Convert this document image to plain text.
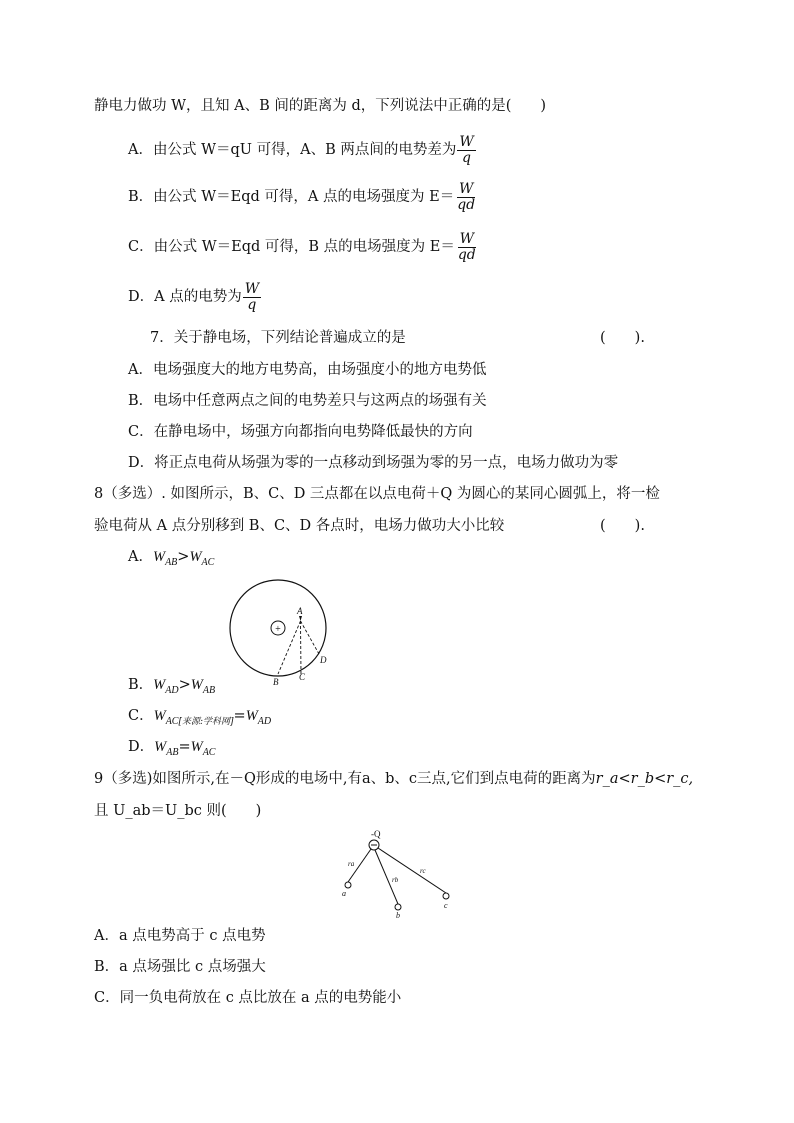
静电力做功 W，且知 A、B 间的距离为 d，下列说法中正确的是(　　)
A．由公式 W＝qU 可得，A、B 两点间的电势差为 $\frac{W}{q}$
B．由公式 W＝Eqd 可得，A 点的电场强度为 $E= \frac{W}{qd}$
C．由公式 W＝Eqd 可得，B 点的电场强度为 $E= \frac{W}{qd}$
D．A 点的电势为 $\frac{W}{q}$
7．关于静电场，下列结论普遍成立的是	(　　).
A．电场强度大的地方电势高，由场强度小的地方电势低
B．电场中任意两点之间的电势差只与这两点的场强有关
C．在静电场中，场强方向都指向电势降低最快的方向
D．将正点电荷从场强为零的一点移动到场强为零的另一点，电场力做功为零
8（多选）. 如图所示，B、C、D 三点都在以点电荷＋Q 为圆心的某同心圆弧上，将一检
验电荷从 A 点分别移到 B、C、D 各点时，电场力做功大小比较	(　　).
A．$W_{AB}>W_{AC}$
+
A
B C
D
B．$W_{AD}>W_{AB}$
C．$W_{AC[来源:学科网]}=W_{AD}$
D．$W_{AB}=W_{AC}$
9（多选)如图所示,在－Q形成的电场中,有a、b、c三点,它们到点电荷的距离为r_a<r_b<r_c,
且 U_ab＝U_bc 则(　　)
-Q
ra
rb
rc
a
b
c
A．a 点电势高于 c 点电势
B．a 点场强比 c 点场强大
C．同一负电荷放在 c 点比放在 a 点的电势能小
